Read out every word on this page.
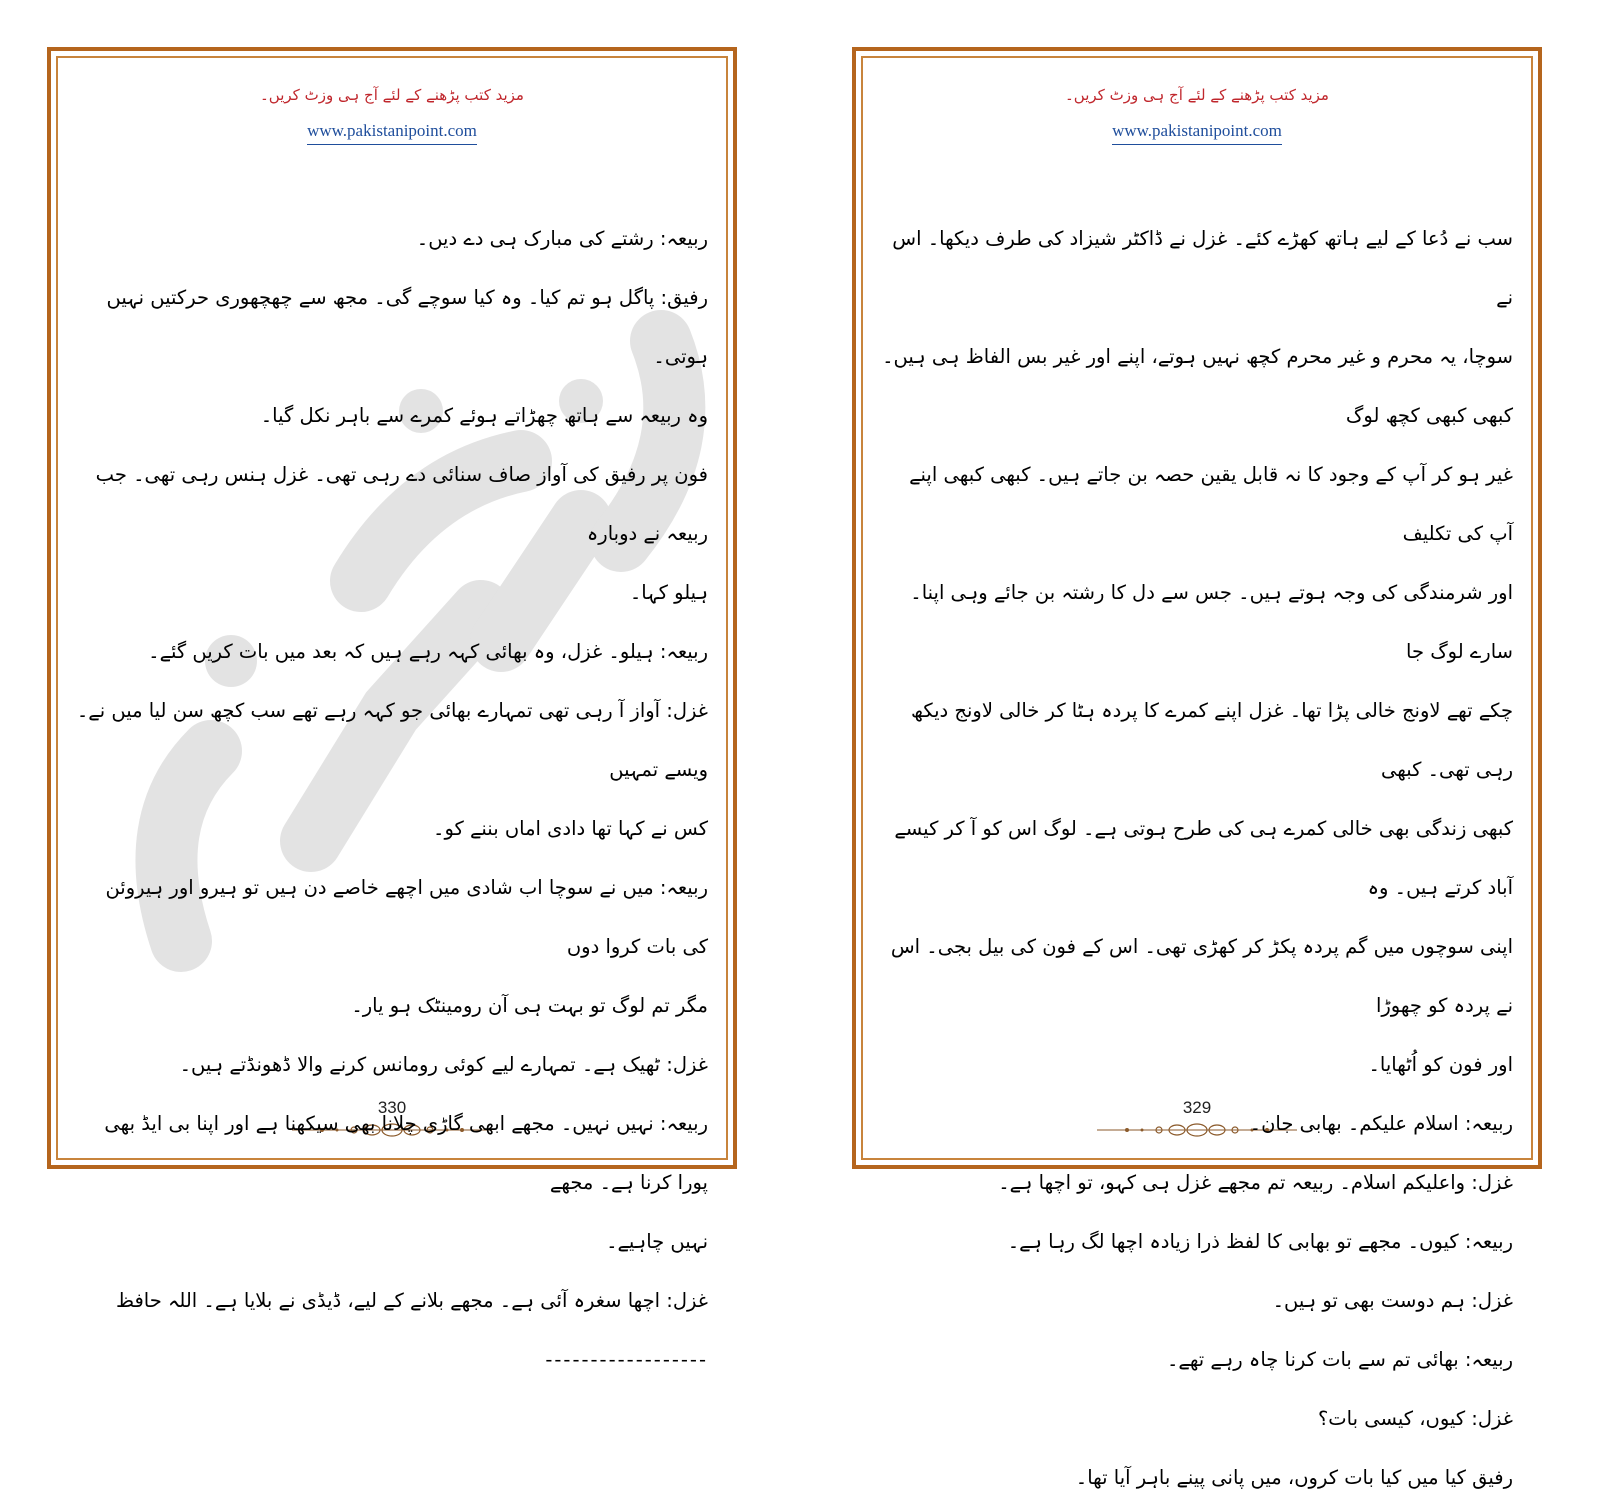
مزید کتب پڑھنے کے لئے آج ہی وزٹ کریں۔
www.pakistanipoint.com

ربیعہ: رشتے کی مبارک ہی دے دیں۔

رفیق: پاگل ہو تم کیا۔ وہ کیا سوچے گی۔ مجھ سے چھچھوری حرکتیں نہیں ہوتی۔

وہ ربیعہ سے ہاتھ چھڑاتے ہوئے کمرے سے باہر نکل گیا۔

فون پر رفیق کی آواز صاف سنائی دے رہی تھی۔ غزل ہنس رہی تھی۔ جب ربیعہ نے دوبارہ

ہیلو کہا۔

ربیعہ: ہیلو۔ غزل، وہ بھائی کہہ رہے ہیں کہ بعد میں بات کریں گئے۔

غزل: آواز آ رہی تھی تمہارے بھائی جو کہہ رہے تھے سب کچھ سن لیا میں نے۔ ویسے تمہیں

کس نے کہا تھا دادی اماں بننے کو۔

ربیعہ: میں نے سوچا اب شادی میں اچھے خاصے دن ہیں تو ہیرو اور ہیروئن کی بات کروا دوں

مگر تم لوگ تو بہت ہی آن رومینٹک ہو یار۔

غزل: ٹھیک ہے۔ تمہارے لیے کوئی رومانس کرنے والا ڈھونڈتے ہیں۔

ربیعہ: نہیں نہیں۔ مجھے ابھی گاڑی چلانا بھی سیکھنا ہے اور اپنا بی ایڈ بھی پورا کرنا ہے۔ مجھے

نہیں چاہیے۔

غزل: اچھا سغرہ آئی ہے۔ مجھے بلانے کے لیے، ڈیڈی نے بلایا ہے۔ اللہ حافظ

------------------

330
مزید کتب پڑھنے کے لئے آج ہی وزٹ کریں۔
www.pakistanipoint.com

سب نے دُعا کے لیے ہاتھ کھڑے کئے۔ غزل نے ڈاکٹر شیزاد کی طرف دیکھا۔ اس نے

سوچا، یہ محرم و غیر محرم کچھ نہیں ہوتے، اپنے اور غیر بس الفاظ ہی ہیں۔ کبھی کبھی کچھ لوگ

غیر ہو کر آپ کے وجود کا نہ قابل یقین حصہ بن جاتے ہیں۔ کبھی کبھی اپنے آپ کی تکلیف

اور شرمندگی کی وجہ ہوتے ہیں۔ جس سے دل کا رشتہ بن جائے وہی اپنا۔ سارے لوگ جا

چکے تھے لاونج خالی پڑا تھا۔ غزل اپنے کمرے کا پردہ ہٹا کر خالی لاونج دیکھ رہی تھی۔ کبھی

کبھی زندگی بھی خالی کمرے ہی کی طرح ہوتی ہے۔ لوگ اس کو آ کر کیسے آباد کرتے ہیں۔ وہ

اپنی سوچوں میں گم پردہ پکڑ کر کھڑی تھی۔ اس کے فون کی بیل بجی۔ اس نے پردہ کو چھوڑا

اور فون کو اُٹھایا۔

ربیعہ: اسلام علیکم۔ بھابی جان۔

غزل: واعلیکم اسلام۔ ربیعہ تم مجھے غزل ہی کہو، تو اچھا ہے۔

ربیعہ: کیوں۔ مجھے تو بھابی کا لفظ ذرا زیادہ اچھا لگ رہا ہے۔

غزل: ہم دوست بھی تو ہیں۔

ربیعہ: بھائی تم سے بات کرنا چاہ رہے تھے۔

غزل: کیوں، کیسی بات؟

رفیق کیا میں کیا بات کروں، میں پانی پینے باہر آیا تھا۔

329
